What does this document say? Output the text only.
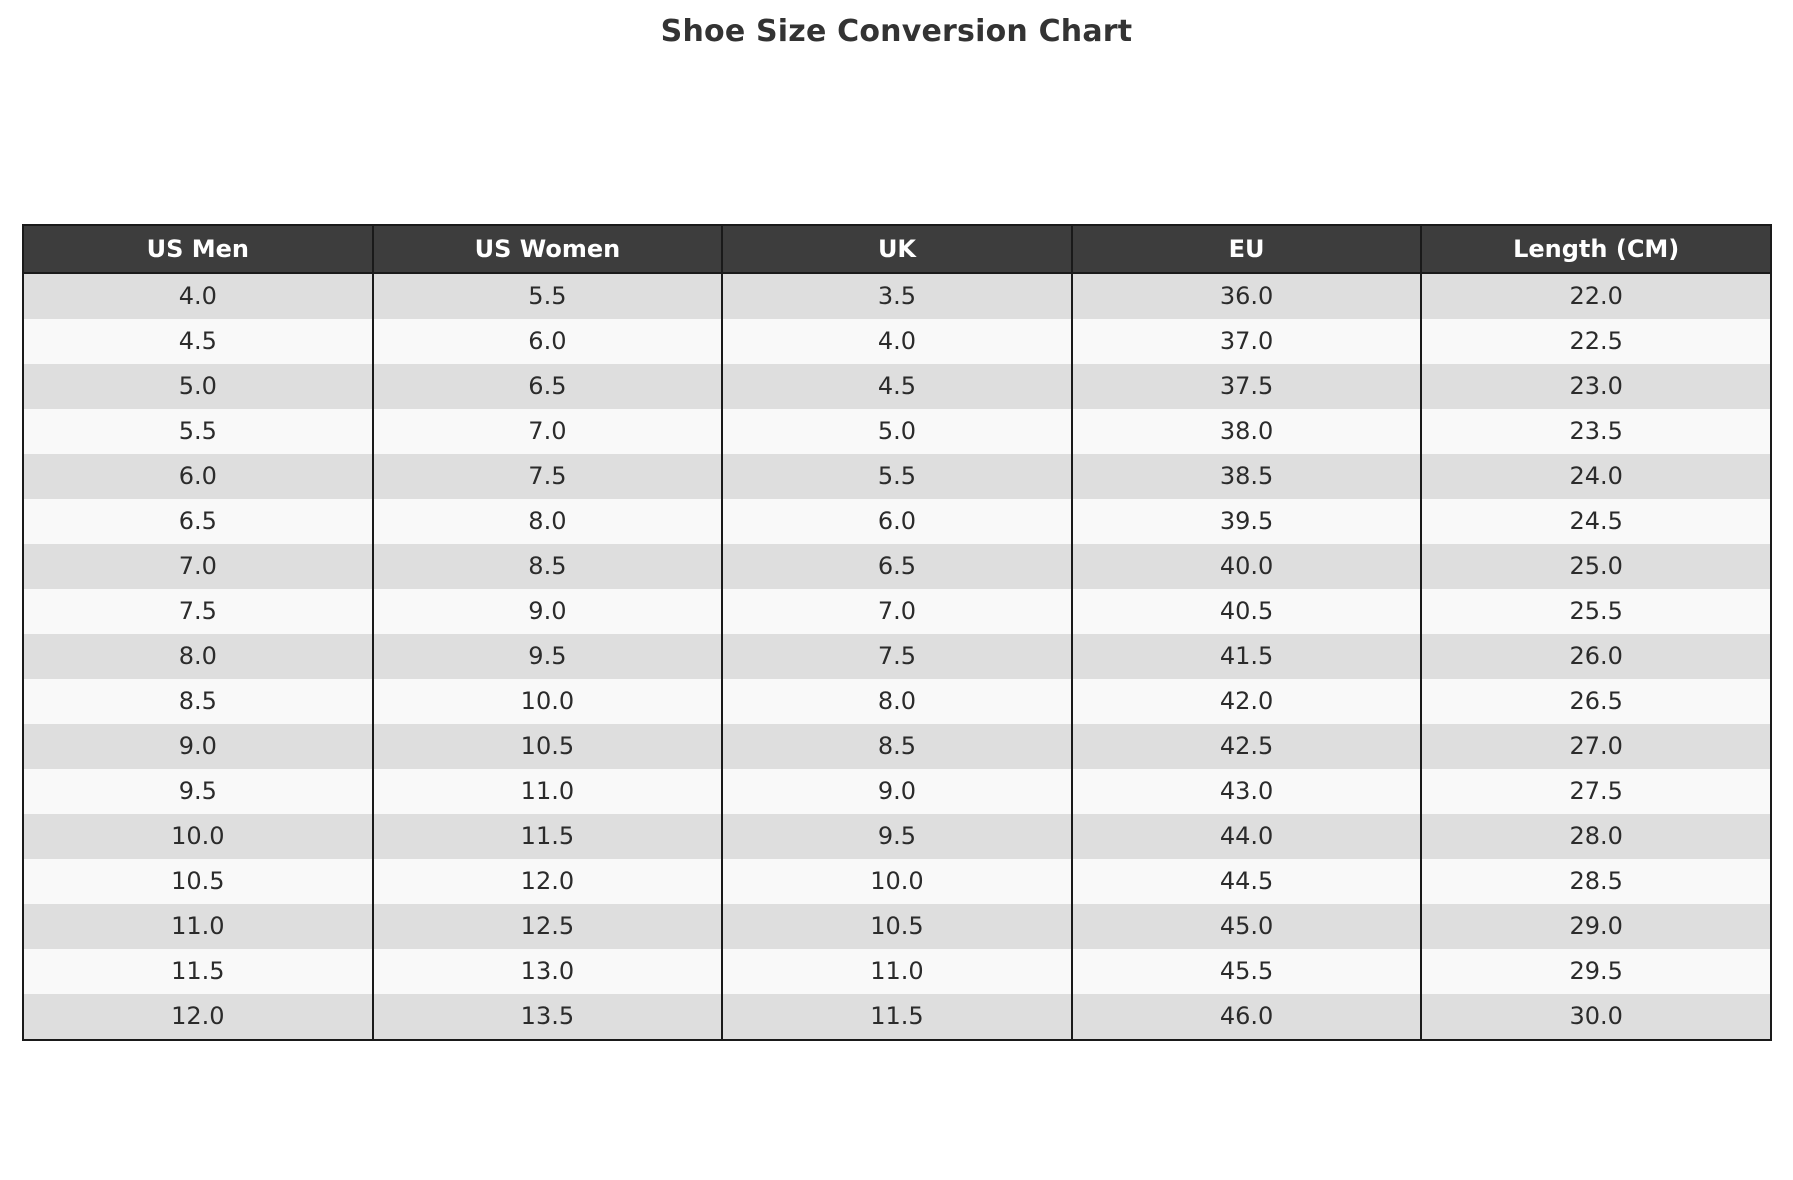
Shoe Size Conversion Chart
US Men	US Women	UK	EU	Length (CM)
4.0	5.5	3.5	36.0	22.0
4.5	6.0	4.0	37.0	22.5
5.0	6.5	4.5	37.5	23.0
5.5	7.0	5.0	38.0	23.5
6.0	7.5	5.5	38.5	24.0
6.5	8.0	6.0	39.5	24.5
7.0	8.5	6.5	40.0	25.0
7.5	9.0	7.0	40.5	25.5
8.0	9.5	7.5	41.5	26.0
8.5	10.0	8.0	42.0	26.5
9.0	10.5	8.5	42.5	27.0
9.5	11.0	9.0	43.0	27.5
10.0	11.5	9.5	44.0	28.0
10.5	12.0	10.0	44.5	28.5
11.0	12.5	10.5	45.0	29.0
11.5	13.0	11.0	45.5	29.5
12.0	13.5	11.5	46.0	30.0
